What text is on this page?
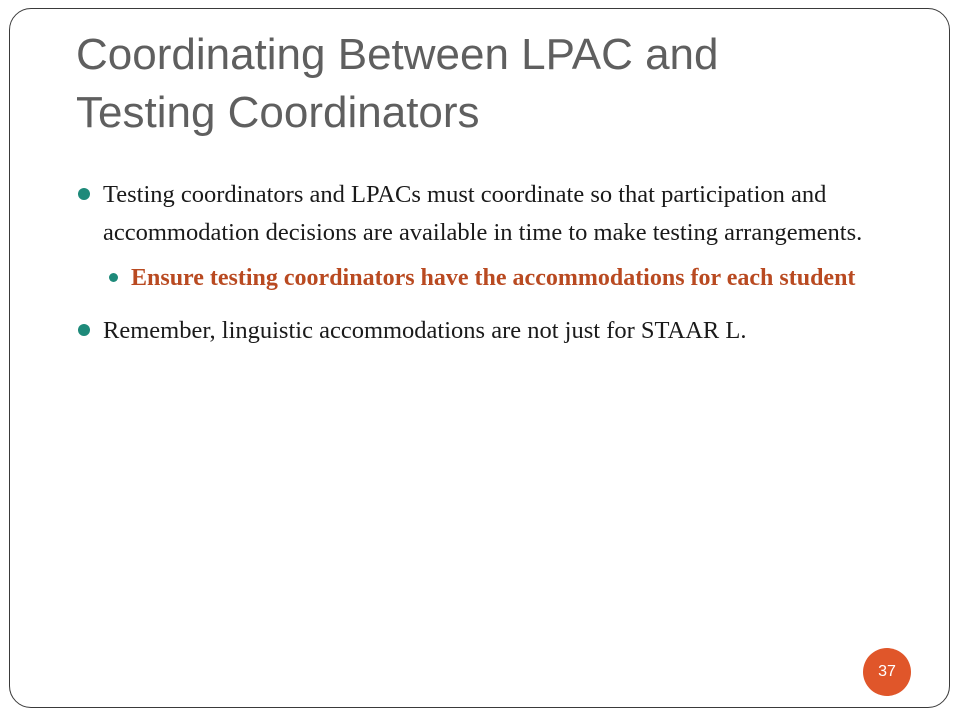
Coordinating Between LPAC and
Testing Coordinators
Testing coordinators and LPACs must coordinate so that participation and accommodation decisions are available in time to make testing arrangements.
Ensure testing coordinators have the accommodations for each student
Remember, linguistic accommodations are not just for STAAR L.
37
